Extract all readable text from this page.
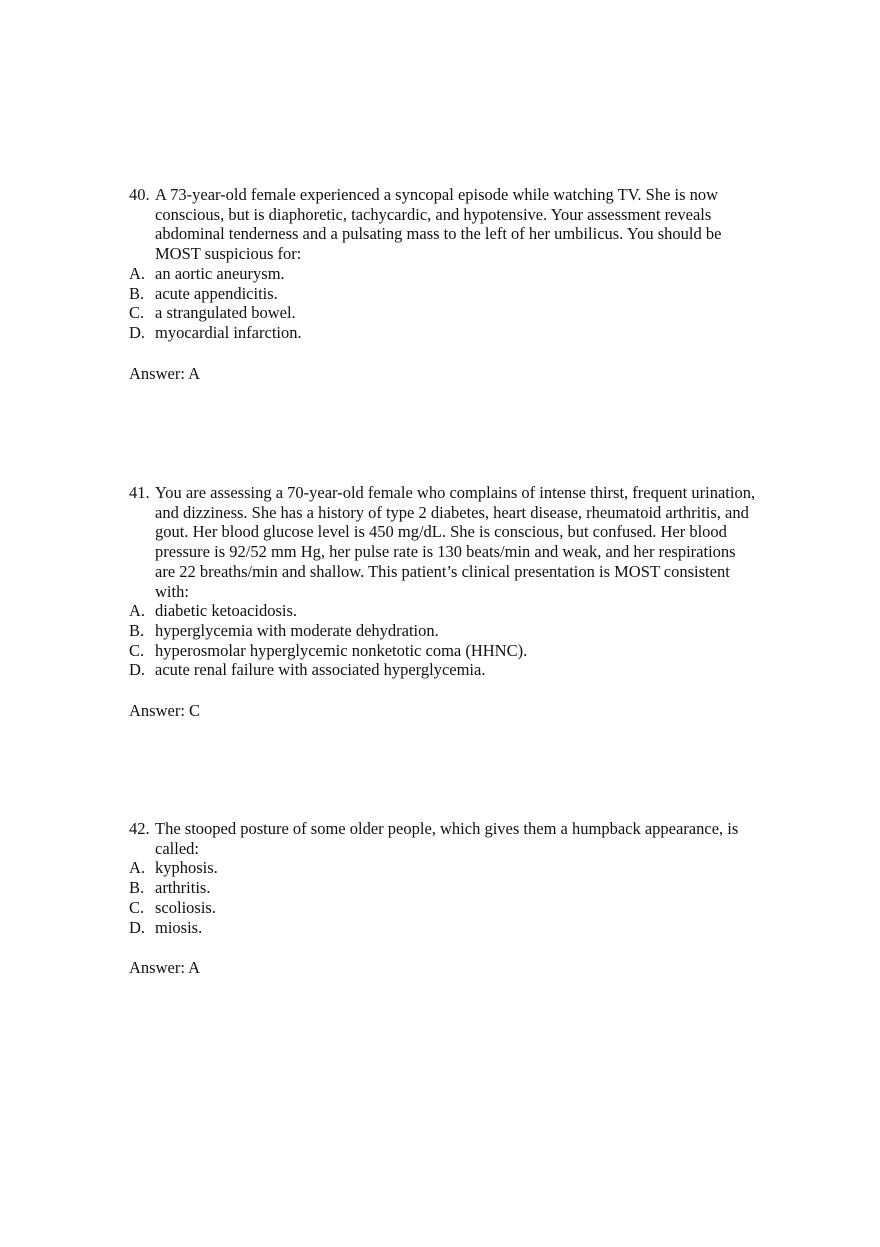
40. A 73-year-old female experienced a syncopal episode while watching TV. She is now conscious, but is diaphoretic, tachycardic, and hypotensive. Your assessment reveals abdominal tenderness and a pulsating mass to the left of her umbilicus. You should be MOST suspicious for:
A. an aortic aneurysm.
B. acute appendicitis.
C. a strangulated bowel.
D. myocardial infarction.
Answer: A
41. You are assessing a 70-year-old female who complains of intense thirst, frequent urination, and dizziness. She has a history of type 2 diabetes, heart disease, rheumatoid arthritis, and gout. Her blood glucose level is 450 mg/dL. She is conscious, but confused. Her blood pressure is 92/52 mm Hg, her pulse rate is 130 beats/min and weak, and her respirations are 22 breaths/min and shallow. This patient’s clinical presentation is MOST consistent with:
A. diabetic ketoacidosis.
B. hyperglycemia with moderate dehydration.
C. hyperosmolar hyperglycemic nonketotic coma (HHNC).
D. acute renal failure with associated hyperglycemia.
Answer: C
42. The stooped posture of some older people, which gives them a humpback appearance, is called:
A. kyphosis.
B. arthritis.
C. scoliosis.
D. miosis.
Answer: A
